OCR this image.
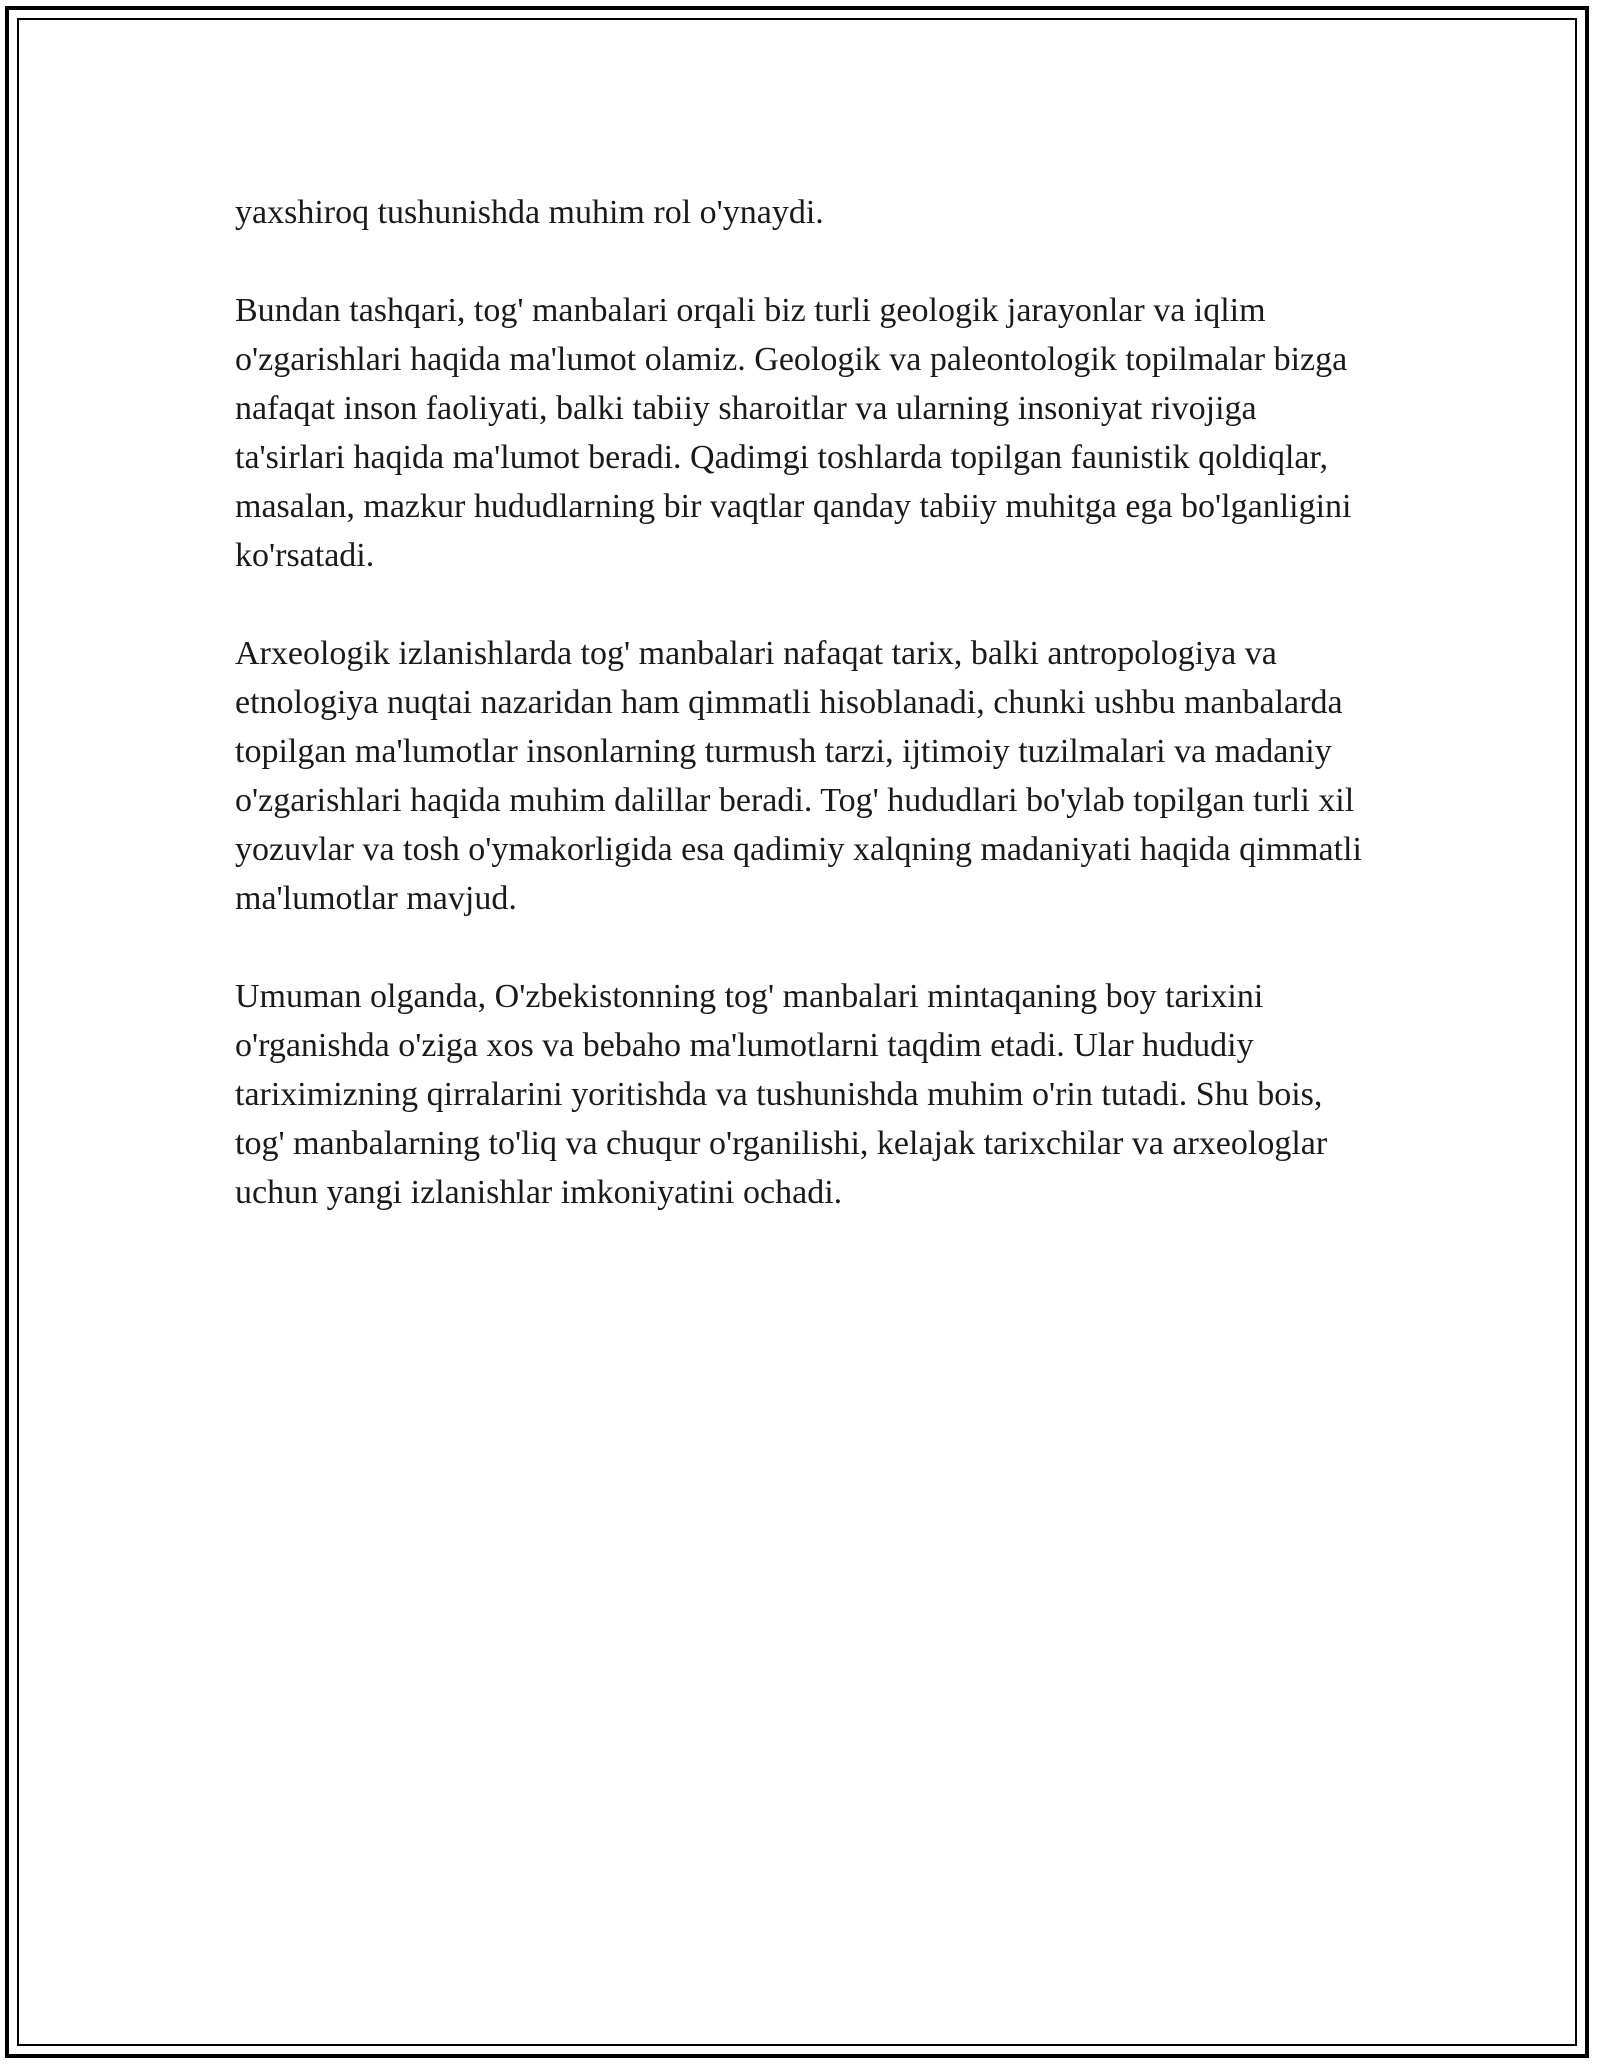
yaxshiroq tushunishda muhim rol o'ynaydi.

Bundan tashqari, tog' manbalari orqali biz turli geologik jarayonlar va iqlim o'zgarishlari haqida ma'lumot olamiz. Geologik va paleontologik topilmalar bizga nafaqat inson faoliyati, balki tabiiy sharoitlar va ularning insoniyat rivojiga ta'sirlari haqida ma'lumot beradi. Qadimgi toshlarda topilgan faunistik qoldiqlar, masalan, mazkur hududlarning bir vaqtlar qanday tabiiy muhitga ega bo'lganligini ko'rsatadi.

Arxeologik izlanishlarda tog' manbalari nafaqat tarix, balki antropologiya va etnologiya nuqtai nazaridan ham qimmatli hisoblanadi, chunki ushbu manbalarda topilgan ma'lumotlar insonlarning turmush tarzi, ijtimoiy tuzilmalari va madaniy o'zgarishlari haqida muhim dalillar beradi. Tog' hududlari bo'ylab topilgan turli xil yozuvlar va tosh o'ymakorligida esa qadimiy xalqning madaniyati haqida qimmatli ma'lumotlar mavjud.

Umuman olganda, O'zbekistonning tog' manbalari mintaqaning boy tarixini o'rganishda o'ziga xos va bebaho ma'lumotlarni taqdim etadi. Ular hududiy tariximizning qirralarini yoritishda va tushunishda muhim o'rin tutadi. Shu bois, tog' manbalarning to'liq va chuqur o'rganilishi, kelajak tarixchilar va arxeologlar uchun yangi izlanishlar imkoniyatini ochadi.
